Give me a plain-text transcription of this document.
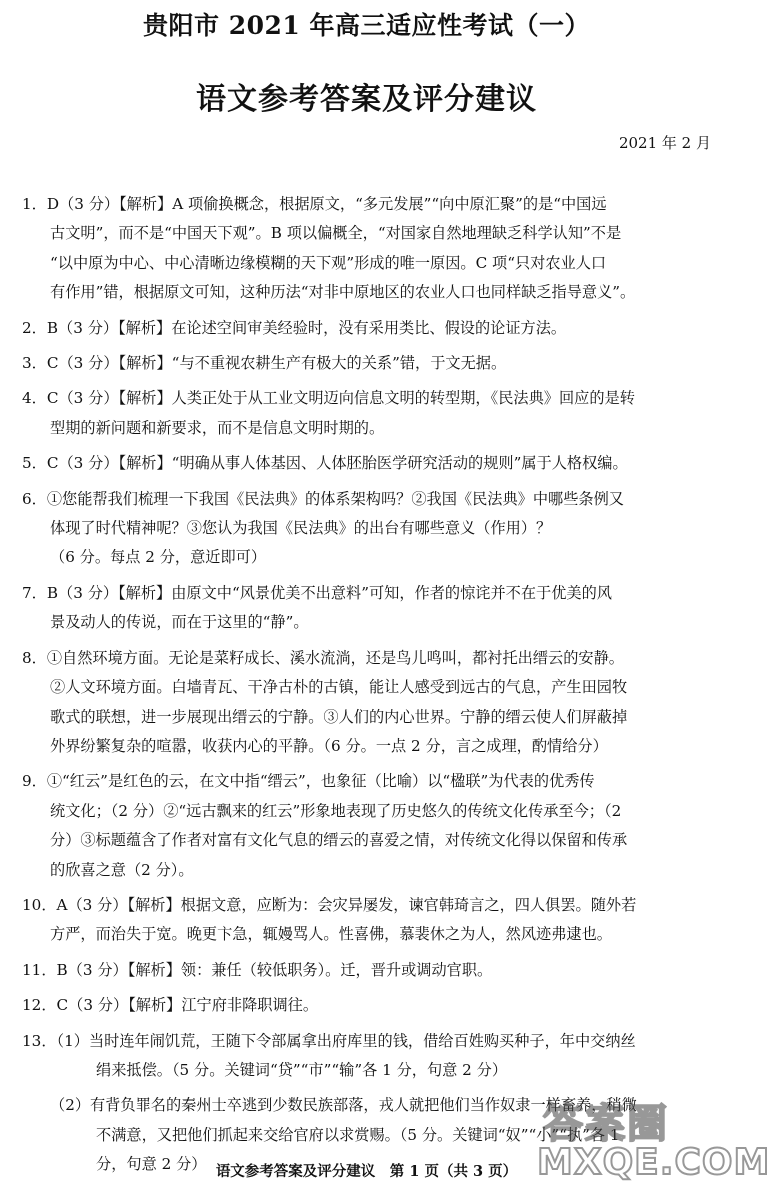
贵阳市 2021 年高三适应性考试（一）
语文参考答案及评分建议
2021 年 2 月
1．D（3 分）【解析】A 项偷换概念，根据原文，“多元发展”“向中原汇聚”的是“中国远
古文明”，而不是“中国天下观”。B 项以偏概全，“对国家自然地理缺乏科学认知”不是
“以中原为中心、中心清晰边缘模糊的天下观”形成的唯一原因。C 项“只对农业人口
有作用”错，根据原文可知，这种历法“对非中原地区的农业人口也同样缺乏指导意义”。
2．B（3 分）【解析】在论述空间审美经验时，没有采用类比、假设的论证方法。
3．C（3 分）【解析】“与不重视农耕生产有极大的关系”错，于文无据。
4．C（3 分）【解析】人类正处于从工业文明迈向信息文明的转型期，《民法典》回应的是转
型期的新问题和新要求，而不是信息文明时期的。
5．C（3 分）【解析】“明确从事人体基因、人体胚胎医学研究活动的规则”属于人格权编。
6．①您能帮我们梳理一下我国《民法典》的体系架构吗？②我国《民法典》中哪些条例又
体现了时代精神呢？③您认为我国《民法典》的出台有哪些意义（作用）？
（6 分。每点 2 分，意近即可）
7．B（3 分）【解析】由原文中“风景优美不出意料”可知，作者的惊诧并不在于优美的风
景及动人的传说，而在于这里的“静”。
8．①自然环境方面。无论是菜籽成长、溪水流淌，还是鸟儿鸣叫，都衬托出缙云的安静。
②人文环境方面。白墙青瓦、干净古朴的古镇，能让人感受到远古的气息，产生田园牧
歌式的联想，进一步展现出缙云的宁静。③人们的内心世界。宁静的缙云使人们屏蔽掉
外界纷繁复杂的喧嚣，收获内心的平静。（6 分。一点 2 分，言之成理，酌情给分）
9．①“红云”是红色的云，在文中指“缙云”，也象征（比喻）以“楹联”为代表的优秀传
统文化；（2 分）②“远古飘来的红云”形象地表现了历史悠久的传统文化传承至今；（2
分）③标题蕴含了作者对富有文化气息的缙云的喜爱之情，对传统文化得以保留和传承
的欣喜之意（2 分）。
10．A（3 分）【解析】根据文意，应断为：会灾异屡发，谏官韩琦言之，四人俱罢。随外若
方严，而治失于宽。晚更卞急，辄嫚骂人。性喜佛，慕裴休之为人，然风迹弗逮也。
11．B（3 分）【解析】领：兼任（较低职务）。迁，晋升或调动官职。
12．C（3 分）【解析】江宁府非降职调往。
13．（1）当时连年闹饥荒，王随下令部属拿出府库里的钱，借给百姓购买种子，年中交纳丝
绢来抵偿。（5 分。关键词“贷”“市”“输”各 1 分，句意 2 分）
（2）有背负罪名的秦州士卒逃到少数民族部落，戎人就把他们当作奴隶一样畜养，稍微
不满意，又把他们抓起来交给官府以求赏赐。（5 分。关键词“奴”“小”“执”各 1
分，句意 2 分） 语文参考答案及评分建议　第 1 页（共 3 页）
答案圈
MXQE.COM
